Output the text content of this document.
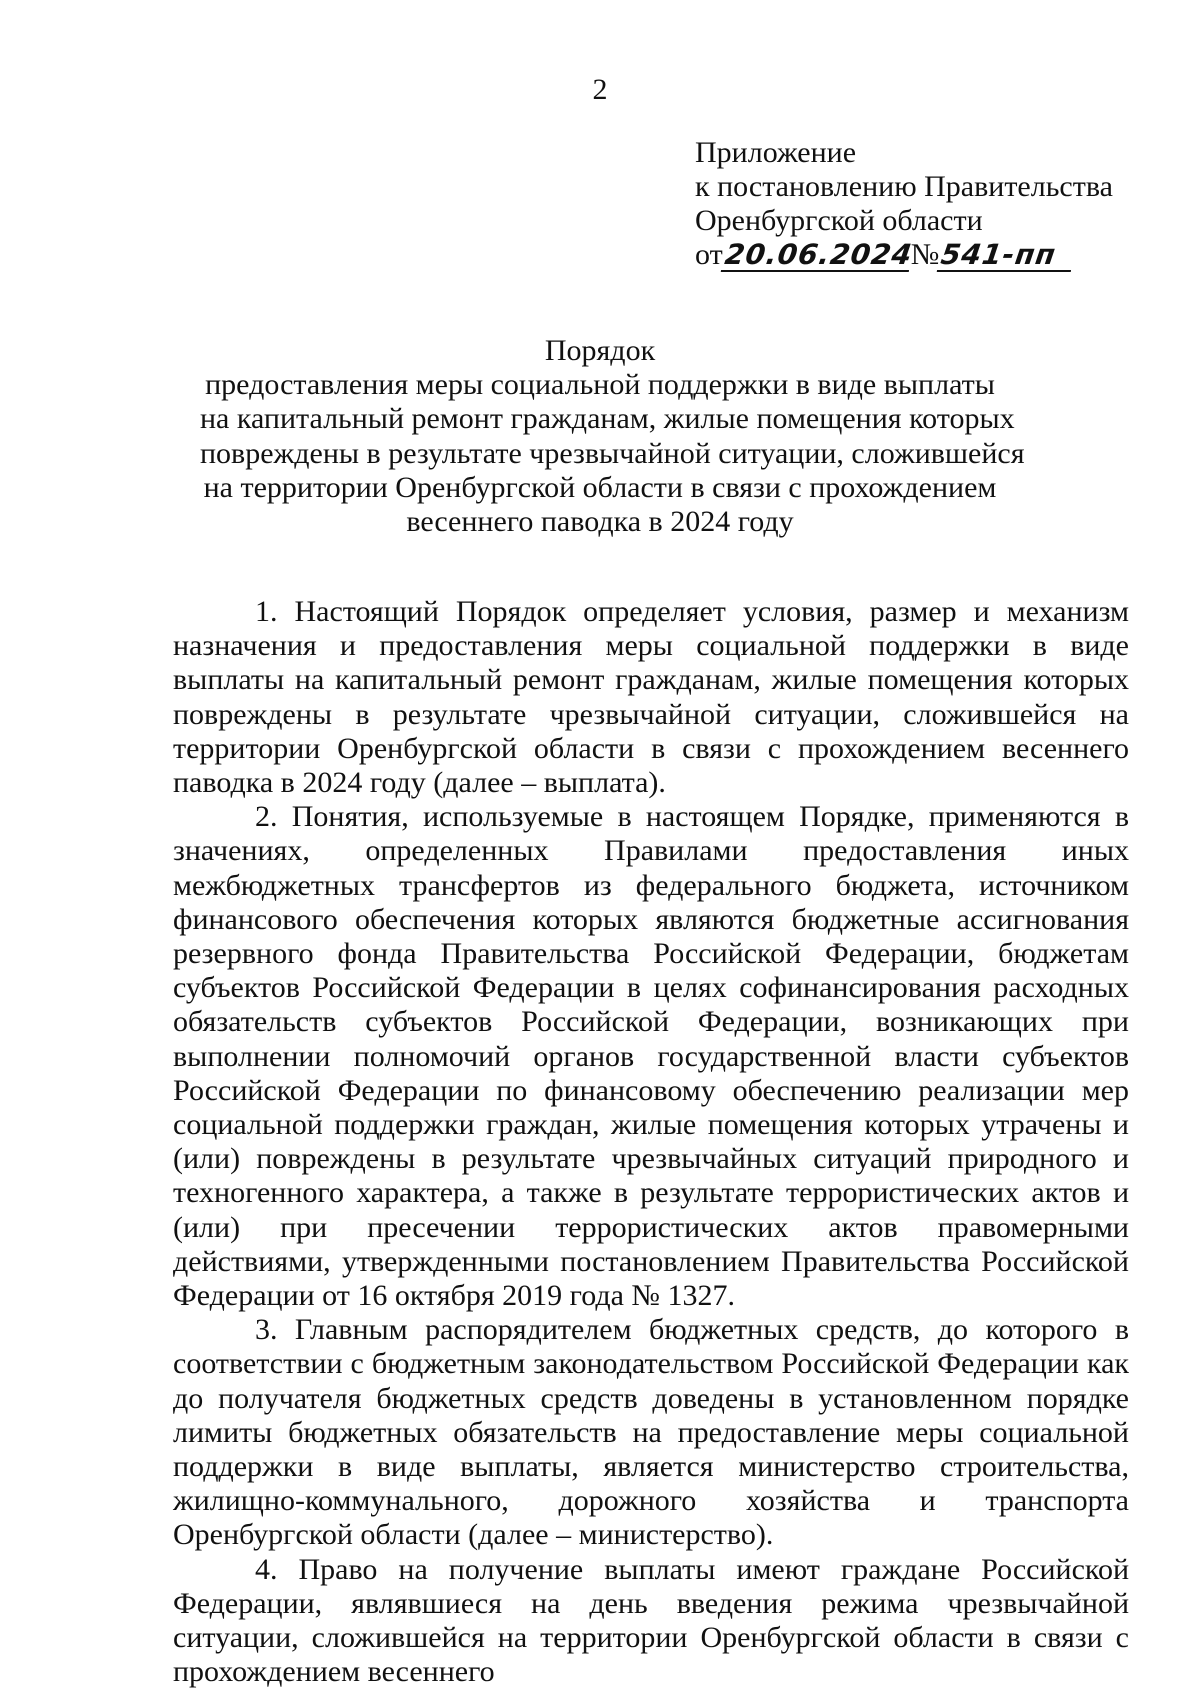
2
Приложение
к постановлению Правительства
Оренбургской области
от 20.06.2024
№ 541-пп
Порядок
предоставления меры социальной поддержки в виде выплаты
на капитальный ремонт гражданам, жилые помещения которых
повреждены в результате чрезвычайной ситуации, сложившейся
на территории Оренбургской области в связи с прохождением
весеннего паводка в 2024 году

1. Настоящий Порядок определяет условия, размер и механизм назначения и предоставления меры социальной поддержки в виде выплаты на капитальный ремонт гражданам, жилые помещения которых повреждены в результате чрезвычайной ситуации, сложившейся на территории Оренбургской области в связи с прохождением весеннего паводка в 2024 году (далее – выплата).

2. Понятия, используемые в настоящем Порядке, применяются в значениях, определенных Правилами предоставления иных межбюджетных трансфертов из федерального бюджета, источником финансового обеспечения которых являются бюджетные ассигнования резервного фонда Правительства Российской Федерации, бюджетам субъектов Российской Федерации в целях софинансирования расходных обязательств субъектов Российской Федерации, возникающих при выполнении полномочий органов государственной власти субъектов Российской Федерации по финансовому обеспечению реализации мер социальной поддержки граждан, жилые помещения которых утрачены и (или) повреждены в результате чрезвычайных ситуаций природного и техногенного характера, а также в результате террористических актов и (или) при пресечении террористических актов правомерными действиями, утвержденными постановлением Правительства Российской Федерации от 16 октября 2019 года № 1327.

3. Главным распорядителем бюджетных средств, до которого в соответствии с бюджетным законодательством Российской Федерации как до получателя бюджетных средств доведены в установленном порядке лимиты бюджетных обязательств на предоставление меры социальной поддержки в виде выплаты, является министерство строительства, жилищно-коммунального, дорожного хозяйства и транспорта Оренбургской области (далее – министерство).

4. Право на получение выплаты имеют граждане Российской Федерации, являвшиеся на день введения режима чрезвычайной ситуации, сложившейся на территории Оренбургской области в связи с прохождением весеннего
